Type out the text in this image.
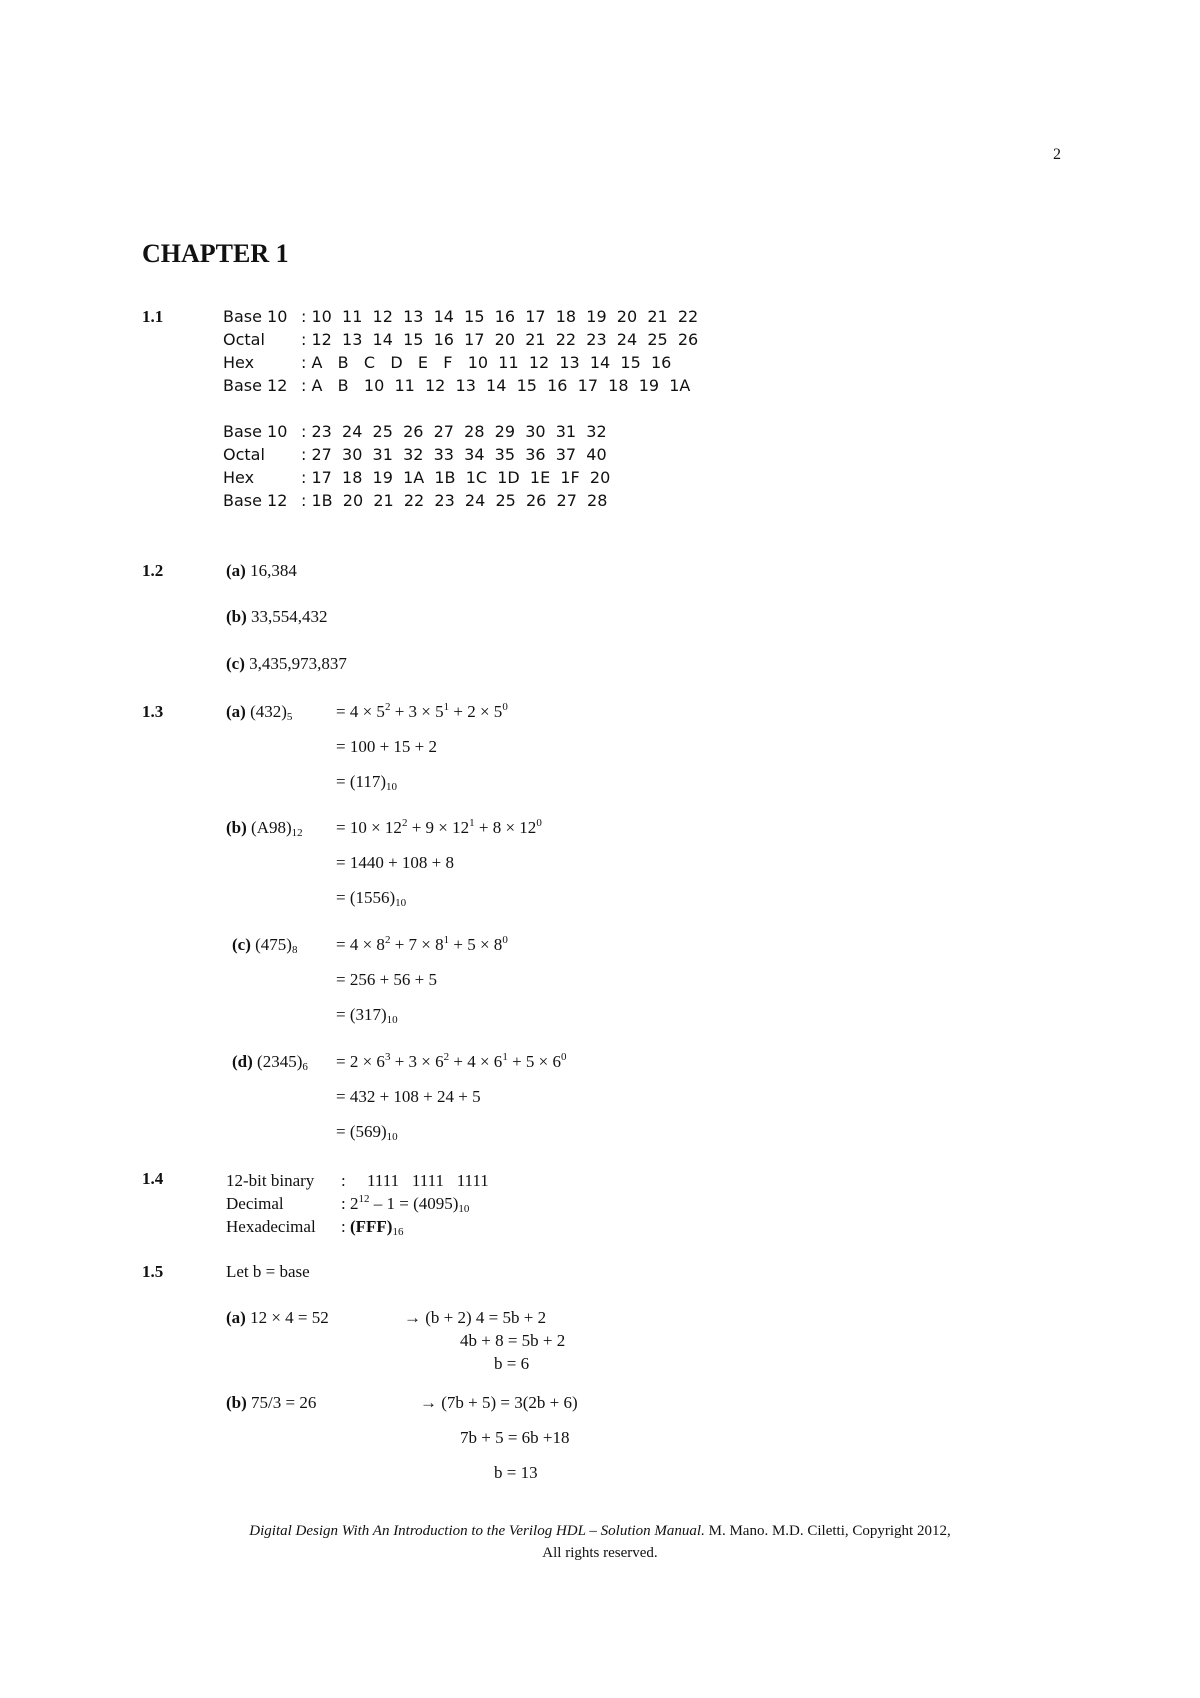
2
CHAPTER 1
1.1	Base 10 : 10  11  12  13  14  15  16  17  18  19  20  21  22
Octal : 12  13  14  15  16  17  20  21  22  23  24  25  26
Hex	: A   B   C   D   E   F   10  11  12  13  14  15  16
Base 12 : A   B   10  11  12  13  14  15  16  17  18  19  1A
Base 10 : 23  24  25  26  27  28  29  30  31  32
Octal : 27  30  31  32  33  34  35  36  37  40
Hex	: 17  18  19  1A  1B  1C  1D  1E  1F  20
Base 12 : 1B  20  21  22  23  24  25  26  27  28
1.2	(a) 16,384
(b) 33,554,432
(c) 3,435,973,837
1.3	(a) $(432)_5$	= $4 \times 5^2 + 3 \times 5^1 + 2 \times 5^0$
= 100 + 15 + 2
= $(117)_{10}$
(b) $(A98)_{12} = 10 \times 12^2 + 9 \times 12^1 + 8 \times 12^0$
= 1440 + 108 + 8
= $(1556)_{10}$
(c) $(475)_8 = 4 \times 8^2 + 7 \times 8^1 + 5 \times 8^0$
= 256 + 56 + 5
= $(317)_{10}$
(d) $(2345)_6 = 2 \times 6^3 + 3 \times 6^2 + 4 \times 6^1 + 5 \times 6^0$
= 432 + 108 + 24 + 5
= $(569)_{10}$
1.4	12-bit binary :     1111   1111   1111
Decimal	: $2^{12} - 1 = (4095)_{10}$
Hexadecimal : $(FFF)_{16}$
1.5	Let b = base
(a) 12 × 4 = 52	→ (b + 2) 4 = 5b + 2
4b + 8 = 5b + 2
b = 6
(b) 75/3 = 26	→ (7b + 5) = 3(2b + 6)
7b + 5 = 6b +18
b = 13
Digital Design With An Introduction to the Verilog HDL – Solution Manual. M. Mano. M.D. Ciletti, Copyright 2012,
All rights reserved.
